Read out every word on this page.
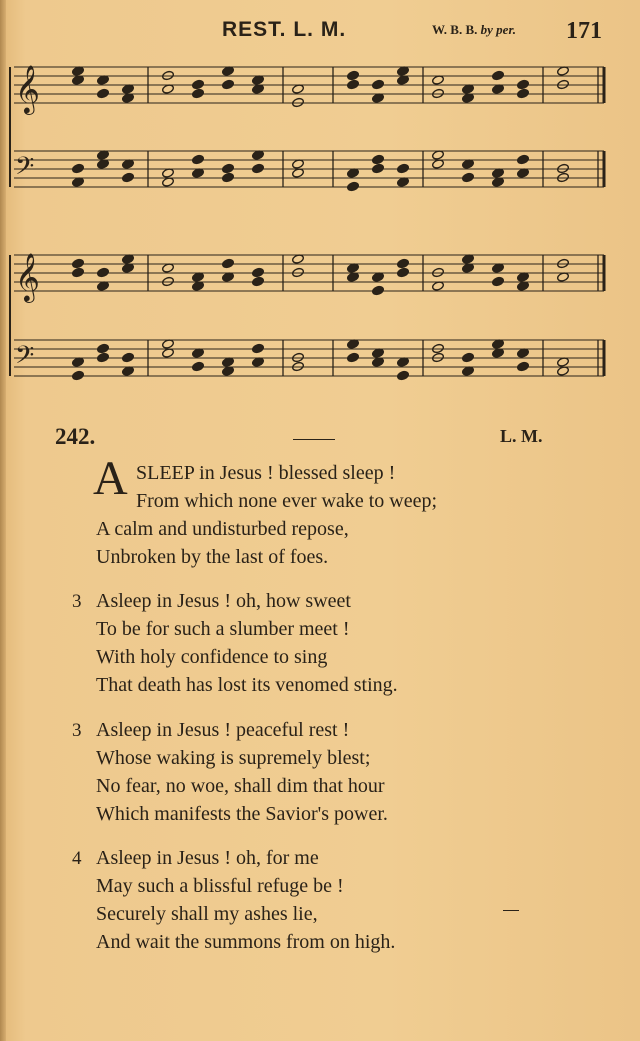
REST. L. M.	W. B. B. by per. 171
𝄞
𝄢
𝄞
𝄢
242.	L. M.
A SLEEP in Jesus ! blessed sleep !
From which none ever wake to weep;
A calm and undisturbed repose,
Unbroken by the last of foes.
3 Asleep in Jesus ! oh, how sweet
To be for such a slumber meet !
With holy confidence to sing
That death has lost its venomed sting.
3 Asleep in Jesus ! peaceful rest !
Whose waking is supremely blest;
No fear, no woe, shall dim that hour
Which manifests the Savior's power.
4 Asleep in Jesus ! oh, for me
May such a blissful refuge be !
Securely shall my ashes lie,
And wait the summons from on high.
